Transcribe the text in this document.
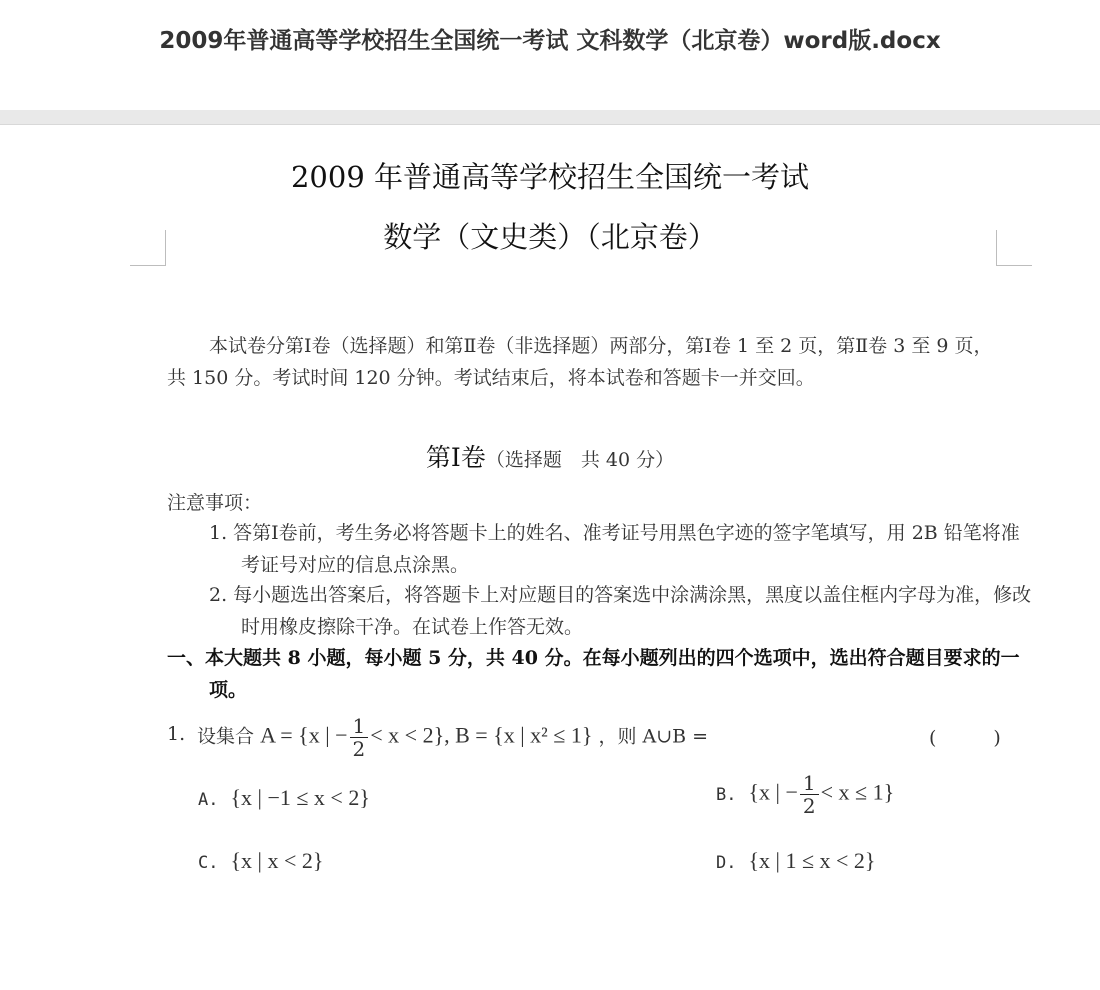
2009年普通高等学校招生全国统一考试 文科数学（北京卷）word版.docx
2009 年普通高等学校招生全国统一考试
数学（文史类）（北京卷）
本试卷分第Ⅰ卷（选择题）和第Ⅱ卷（非选择题）两部分，第Ⅰ卷 1 至 2 页，第Ⅱ卷 3 至 9 页，共 150 分。考试时间 120 分钟。考试结束后，将本试卷和答题卡一并交回。
第Ⅰ卷（选择题　共 40 分）
注意事项：
1. 答第Ⅰ卷前，考生务必将答题卡上的姓名、准考证号用黑色字迹的签字笔填写，用 2B 铅笔将准考证号对应的信息点涂黑。
2. 每小题选出答案后，将答题卡上对应题目的答案选中涂满涂黑，黑度以盖住框内字母为准，修改时用橡皮擦除干净。在试卷上作答无效。
一、本大题共 8 小题，每小题 5 分，共 40 分。在每小题列出的四个选项中，选出符合题目要求的一项。
1. 设集合 A = {x | − $\frac{1}{2} < x < 2$}, B = {x | x² ≤ 1} ，则 A∪B =	(　　　)
A. {x | −1 ≤ x < 2}	B. {x | − $\frac{1}{2} < x \le 1$}
C. {x | x < 2}	D. {x | 1 ≤ x < 2}
